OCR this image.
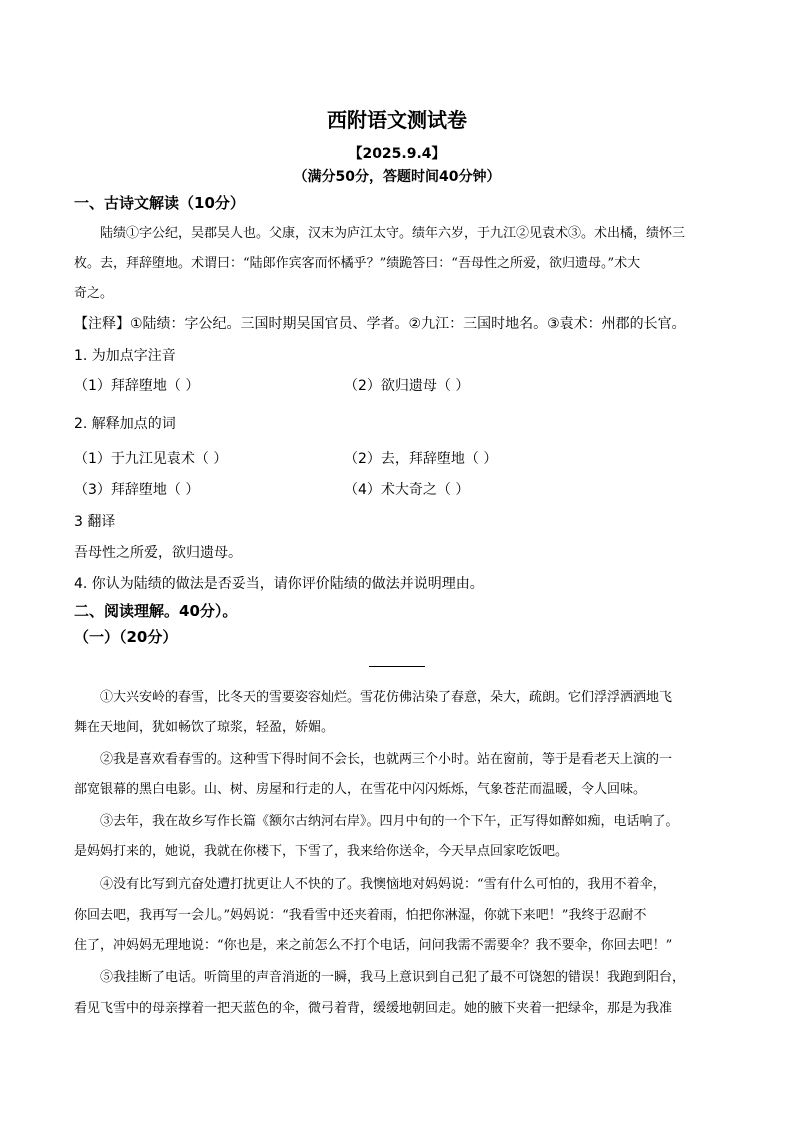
西附语文测试卷
【2025.9.4】
（满分50分，答题时间40分钟）
一、古诗文解读（10分）
陆绩①字公纪，吴郡吴人也。父康，汉末为庐江太守。绩年六岁，于九江②见袁术③。术出橘，绩怀三
枚。去，拜辞堕地。术谓曰：“陆郎作宾客而怀橘乎？”绩跪答曰：“吾母性之所爱，欲归遗母。”术大
奇之。
【注释】①陆绩：字公纪。三国时期吴国官员、学者。②九江：三国时地名。③袁术：州郡的长官。
1. 为加点字注音
（1）拜辞堕地（ ）	（2）欲归遗母（ ）
2. 解释加点的词
（1）于九江见袁术（ ）	（2）去，拜辞堕地（ ）
（3）拜辞堕地（ ）	（4）术大奇之（ ）
3 翻译
吾母性之所爱，欲归遗母。
4. 你认为陆绩的做法是否妥当，请你评价陆绩的做法并说明理由。
二、阅读理解。40分）。
（一）（20分）
①大兴安岭的春雪，比冬天的雪要姿容灿烂。雪花仿佛沾染了春意，朵大，疏朗。它们浮浮洒洒地飞
舞在天地间，犹如畅饮了琼浆，轻盈，娇媚。
②我是喜欢看春雪的。这种雪下得时间不会长，也就两三个小时。站在窗前，等于是看老天上演的一
部宽银幕的黑白电影。山、树、房屋和行走的人，在雪花中闪闪烁烁，气象苍茫而温暖，令人回味。
③去年，我在故乡写作长篇《额尔古纳河右岸》。四月中旬的一个下午，正写得如醉如痴，电话响了。
是妈妈打来的，她说，我就在你楼下，下雪了，我来给你送伞，今天早点回家吃饭吧。
④没有比写到亢奋处遭打扰更让人不快的了。我懊恼地对妈妈说：“雪有什么可怕的，我用不着伞，
你回去吧，我再写一会儿。”妈妈说：“我看雪中还夹着雨，怕把你淋湿，你就下来吧！”我终于忍耐不
住了，冲妈妈无理地说：“你也是，来之前怎么不打个电话，问问我需不需要伞？我不要伞，你回去吧！”
⑤我挂断了电话。听筒里的声音消逝的一瞬，我马上意识到自己犯了最不可饶恕的错误！我跑到阳台，
看见飞雪中的母亲撑着一把天蓝色的伞，微弓着背，缓缓地朝回走。她的腋下夹着一把绿伞，那是为我准
